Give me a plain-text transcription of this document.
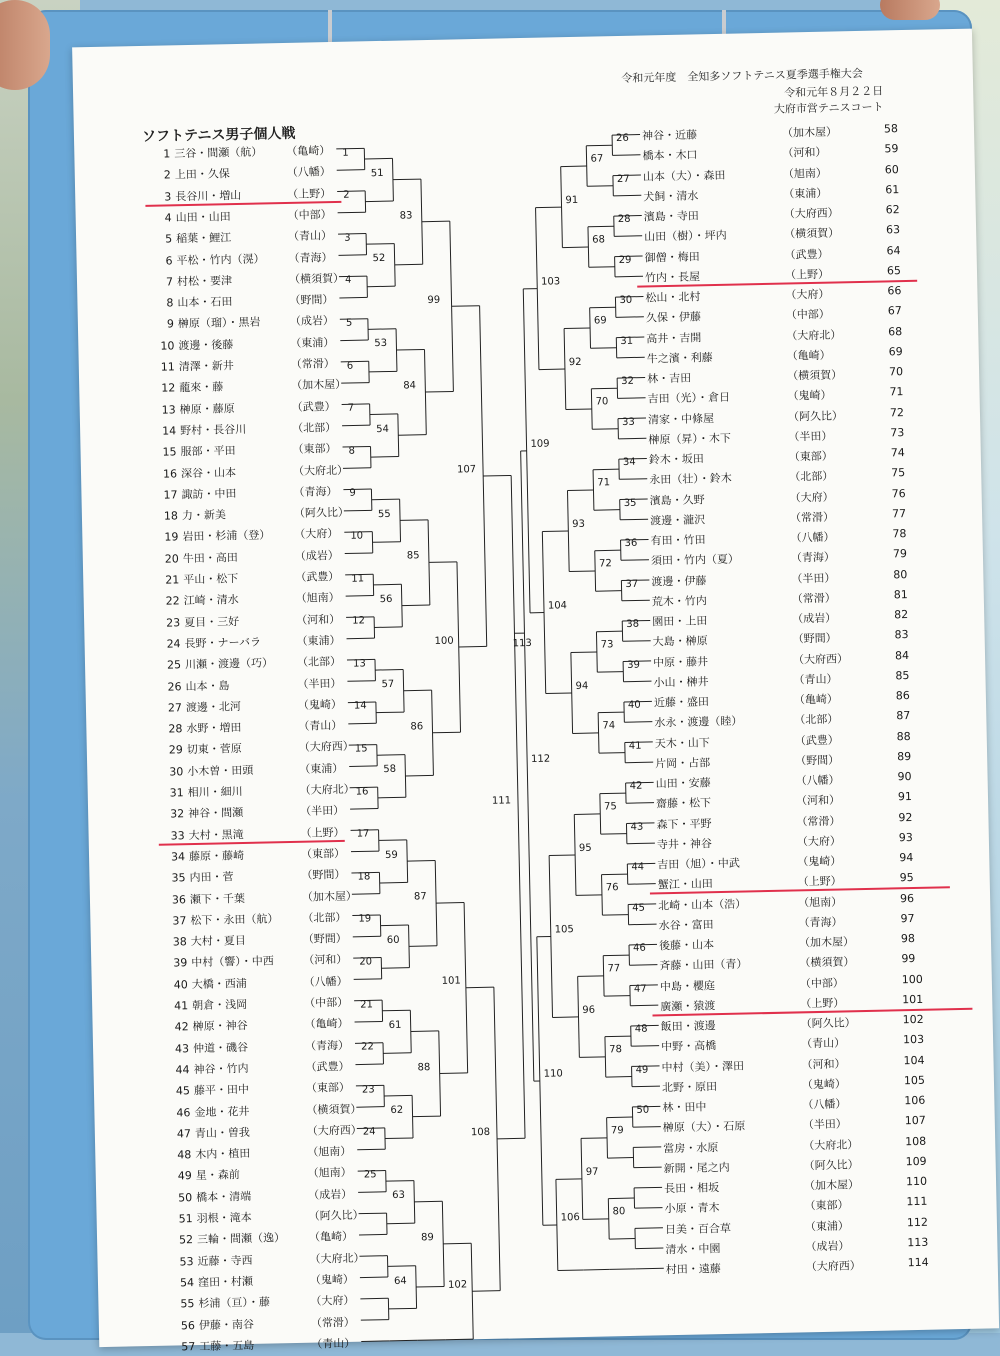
令和元年度　全知多ソフトテニス夏季選手権大会
令和元年８月２２日
大府市営テニスコート
ソフトテニス男子個人戦
1 三谷・間瀬（航） （亀崎）
2 上田・久保	（八幡）
3 長谷川・増山	（上野）
4 山田・山田	（中部）
5 稲葉・鯉江	（青山）
6 平松・竹内（滉） （青海）
7 村松・要津	（横須賀）
8 山本・石田	（野間）
9 榊原（瑠）・黒岩	（成岩）
10 渡邊・後藤	（東浦）
11 清澤・新井	（常滑）
12 蘢來・藤	（加木屋）
13 榊原・藤原	（武豊）
14 野村・長谷川	（北部）
15 服部・平田	（東部）
16 深谷・山本	（大府北）
17 諏訪・中田	（青海）
18 力・新美	（阿久比）
19 岩田・杉浦（登） （大府）
20 牛田・高田	（成岩）
21 平山・松下	（武豊）
22 江崎・清水	（旭南）
23 夏目・三好	（河和）
24 長野・ナーバラ	（東浦）
25 川瀬・渡邊（巧） （北部）
26 山本・島	（半田）
27 渡邊・北河	（鬼崎）
28 水野・増田	（青山）
29 切東・菅原	（大府西）
30 小木曽・田頭	（東浦）
31 相川・細川	（大府北）
32 神谷・間瀬	（半田）
33 大村・黒滝	（上野）
34 藤原・藤崎	（東部）
35 内田・菅	（野間）
36 瀬下・千葉	（加木屋）
37 松下・永田（航） （北部）
38 大村・夏目	（野間）
39 中村（響）・中西	（河和）
40 大橋・西浦	（八幡）
41 朝倉・浅岡	（中部）
42 榊原・神谷	（亀崎）
43 仲道・磯谷	（青海）
44 神谷・竹内	（武豊）
45 藤平・田中	（東部）
46 金地・花井	（横須賀）
47 青山・曽我	（大府西）
48 木内・植田	（旭南）
49 星・森前	（旭南）
50 橋本・清端	（成岩）
51 羽根・滝本	（阿久比）
52 三輪・間瀬（逸） （亀崎）
53 近藤・寺西	（大府北）
54 窪田・村瀬	（鬼崎）
55 杉浦（亘）・藤	（大府）
56 伊藤・南谷	（常滑）
57 工藤・五島	（青山）
神谷・近藤	（加木屋）	58
橋本・木口	（河和）	59
山本（大）・森田	（旭南）	60
犬飼・清水	（東浦）	61
濱島・寺田	（大府西）	62
山田（樹）・坪内	（横須賀）	63
御僧・梅田	（武豊）	64
竹内・長屋	（上野）	65
松山・北村	（大府）	66
久保・伊藤	（中部）	67
高井・吉開	（大府北）	68
牛之濱・利藤	（亀崎）	69
林・吉田	（横須賀）	70
吉田（光）・倉日	（鬼崎）	71
清家・中條屋	（阿久比）	72
榊原（昇）・木下	（半田）	73
鈴木・坂田	（東部）	74
永田（壮）・鈴木	（北部）	75
濱島・久野	（大府）	76
渡邊・瀧沢	（常滑）	77
有田・竹田	（八幡）	78
須田・竹内（夏）	（青海）	79
渡邊・伊藤	（半田）	80
荒木・竹内	（常滑）	81
園田・上田	（成岩）	82
大島・榊原	（野間）	83
中原・藤井	（大府西）	84
小山・榊井	（青山）	85
近藤・盛田	（亀崎）	86
水永・渡邊（睦）	（北部）	87
天木・山下	（武豊）	88
片岡・占部	（野間）	89
山田・安藤	（八幡）	90
齋藤・松下	（河和）	91
森下・平野	（常滑）	92
寺井・神谷	（大府）	93
吉田（旭）・中武	（鬼崎）	94
蟹江・山田	（上野）	95
北崎・山本（浩）	（旭南）	96
水谷・富田	（青海）	97
後藤・山本	（加木屋）	98
斉藤・山田（青）	（横須賀）	99
中島・櫻庭	（中部）	100
廣瀬・猿渡	（上野）	101
飯田・渡邊	（阿久比）	102
中野・高橋	（青山）	103
中村（美）・澤田	（河和）	104
北野・原田	（鬼崎）	105
林・田中	（八幡）	106
榊原（大）・石原	（半田）	107
當房・水原	（大府北）	108
新開・尾之内	（阿久比）	109
長田・相坂	（加木屋）	110
小原・青木	（東部）	111
日美・百合草	（東浦）	112
清水・中園	（成岩）	113
村田・遠藤	（大府西）	114
1
2
3
4
5
6
7
8
9
10
11
12
13
14
15
16
17
18
19
20
21
22
23
24
25
51
52
53
54
55
56
57
58
59
60
61
62
63
64
83
84
85
86
87
88
89
99
100
101
102
107
108
111
26
27
28
29
30
31
32
33
34
35
36
37
38
39
40
41
42
43
44
45
46
47
48
49
50
67
68
69
70
71
72
73
74
75
76
77
78
79
80
91
92
93
94
95
96
97
103
104
105
106
109
110
112
113
